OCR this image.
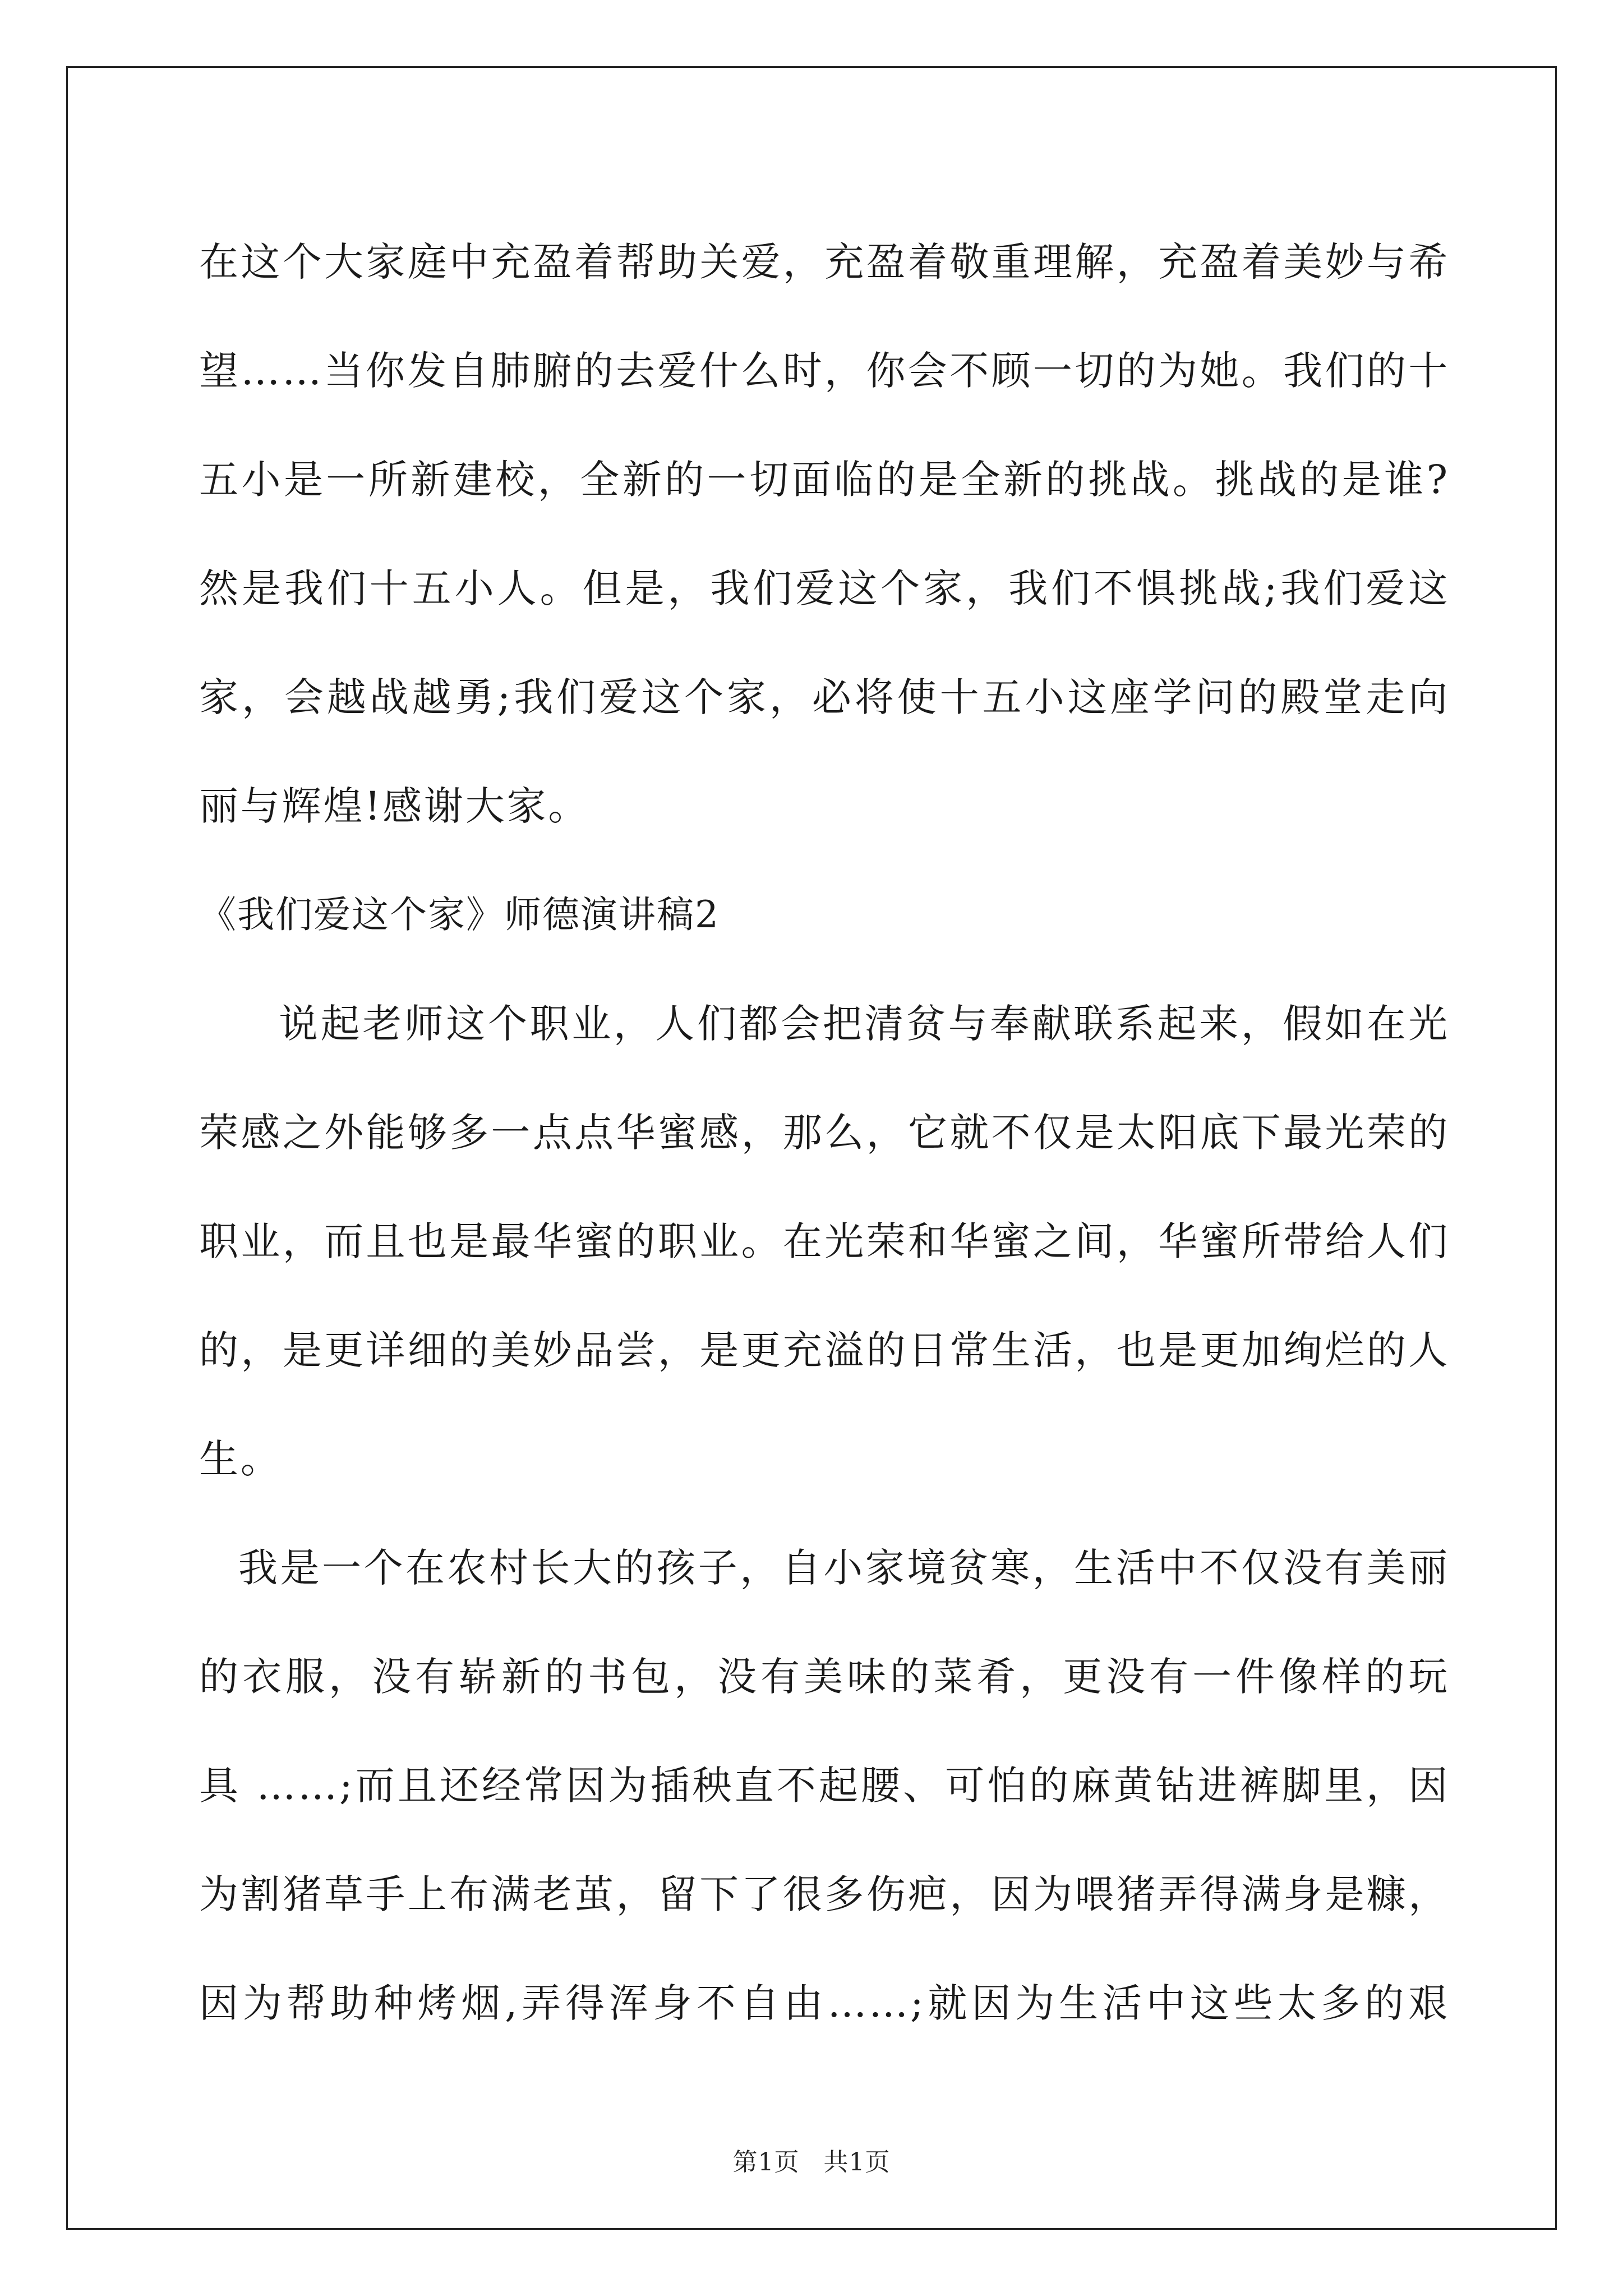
在这个大家庭中充盈着帮助关爱，充盈着敬重理解，充盈着美妙与希
望……当你发自肺腑的去爱什么时，你会不顾一切的为她。我们的十
五小是一所新建校，全新的一切面临的是全新的挑战。挑战的是谁?
然是我们十五小人。但是，我们爱这个家，我们不惧挑战;我们爱这
家，会越战越勇;我们爱这个家，必将使十五小这座学问的殿堂走向
丽与辉煌!感谢大家。
《我们爱这个家》师德演讲稿2
说起老师这个职业，人们都会把清贫与奉献联系起来，假如在光
荣感之外能够多一点点华蜜感，那么，它就不仅是太阳底下最光荣的
职业，而且也是最华蜜的职业。在光荣和华蜜之间，华蜜所带给人们
的，是更详细的美妙品尝，是更充溢的日常生活，也是更加绚烂的人
生。
我是一个在农村长大的孩子，自小家境贫寒，生活中不仅没有美丽
的衣服，没有崭新的书包，没有美味的菜肴，更没有一件像样的玩
具 ……;而且还经常因为插秧直不起腰、可怕的麻黄钻进裤脚里，因
为割猪草手上布满老茧，留下了很多伤疤，因为喂猪弄得满身是糠，
因为帮助种烤烟,弄得浑身不自由……;就因为生活中这些太多的艰
第1页 共1页
